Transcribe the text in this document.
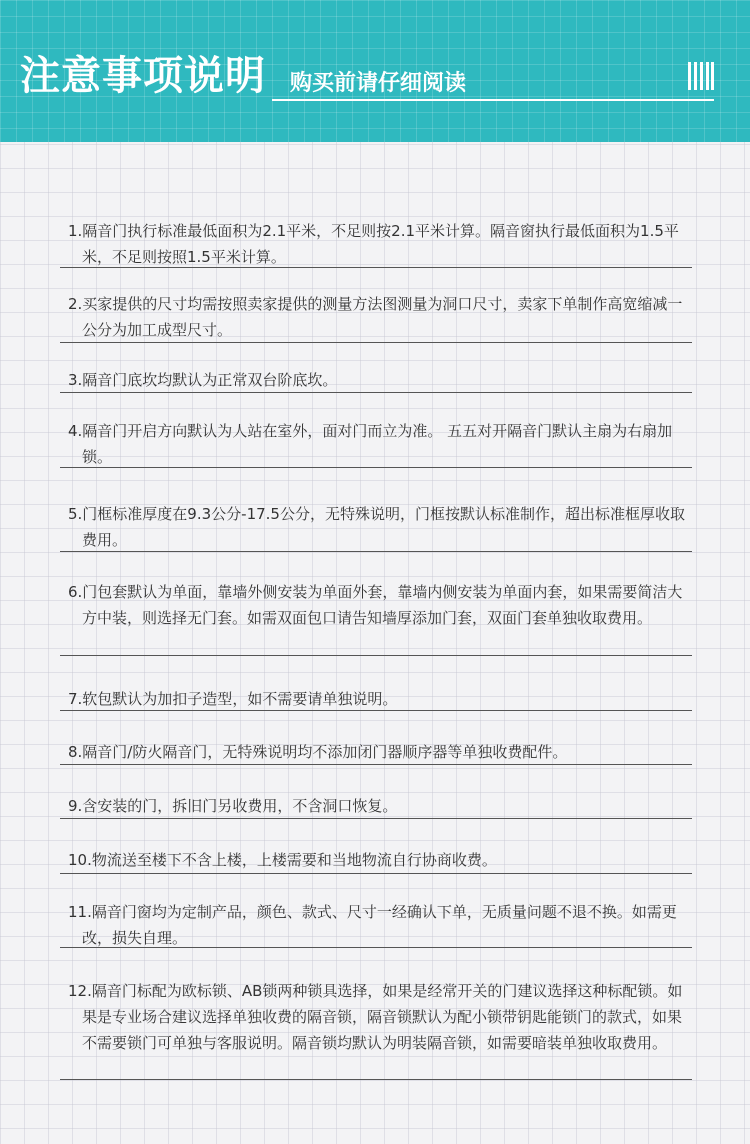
注意事项说明 购买前请仔细阅读
1.隔音门执行标准最低面积为2.1平米，不足则按2.1平米计算。隔音窗执行最低面积为1.5平米，不足则按照1.5平米计算。
2.买家提供的尺寸均需按照卖家提供的测量方法图测量为洞口尺寸，卖家下单制作高宽缩减一公分为加工成型尺寸。
3.隔音门底坎均默认为正常双台阶底坎。
4.隔音门开启方向默认为人站在室外，面对门而立为准。 五五对开隔音门默认主扇为右扇加锁。
5.门框标准厚度在9.3公分-17.5公分，无特殊说明，门框按默认标准制作，超出标准框厚收取费用。
6.门包套默认为单面，靠墙外侧安装为单面外套，靠墙内侧安装为单面内套，如果需要简洁大方中装，则选择无门套。如需双面包口请告知墙厚添加门套，双面门套单独收取费用。
7.软包默认为加扣子造型，如不需要请单独说明。
8.隔音门/防火隔音门，无特殊说明均不添加闭门器顺序器等单独收费配件。
9.含安装的门，拆旧门另收费用，不含洞口恢复。
10.物流送至楼下不含上楼，上楼需要和当地物流自行协商收费。
11.隔音门窗均为定制产品，颜色、款式、尺寸一经确认下单，无质量问题不退不换。如需更改，损失自理。
12.隔音门标配为欧标锁、AB锁两种锁具选择，如果是经常开关的门建议选择这种标配锁。如果是专业场合建议选择单独收费的隔音锁，隔音锁默认为配小锁带钥匙能锁门的款式，如果不需要锁门可单独与客服说明。隔音锁均默认为明装隔音锁，如需要暗装单独收取费用。
